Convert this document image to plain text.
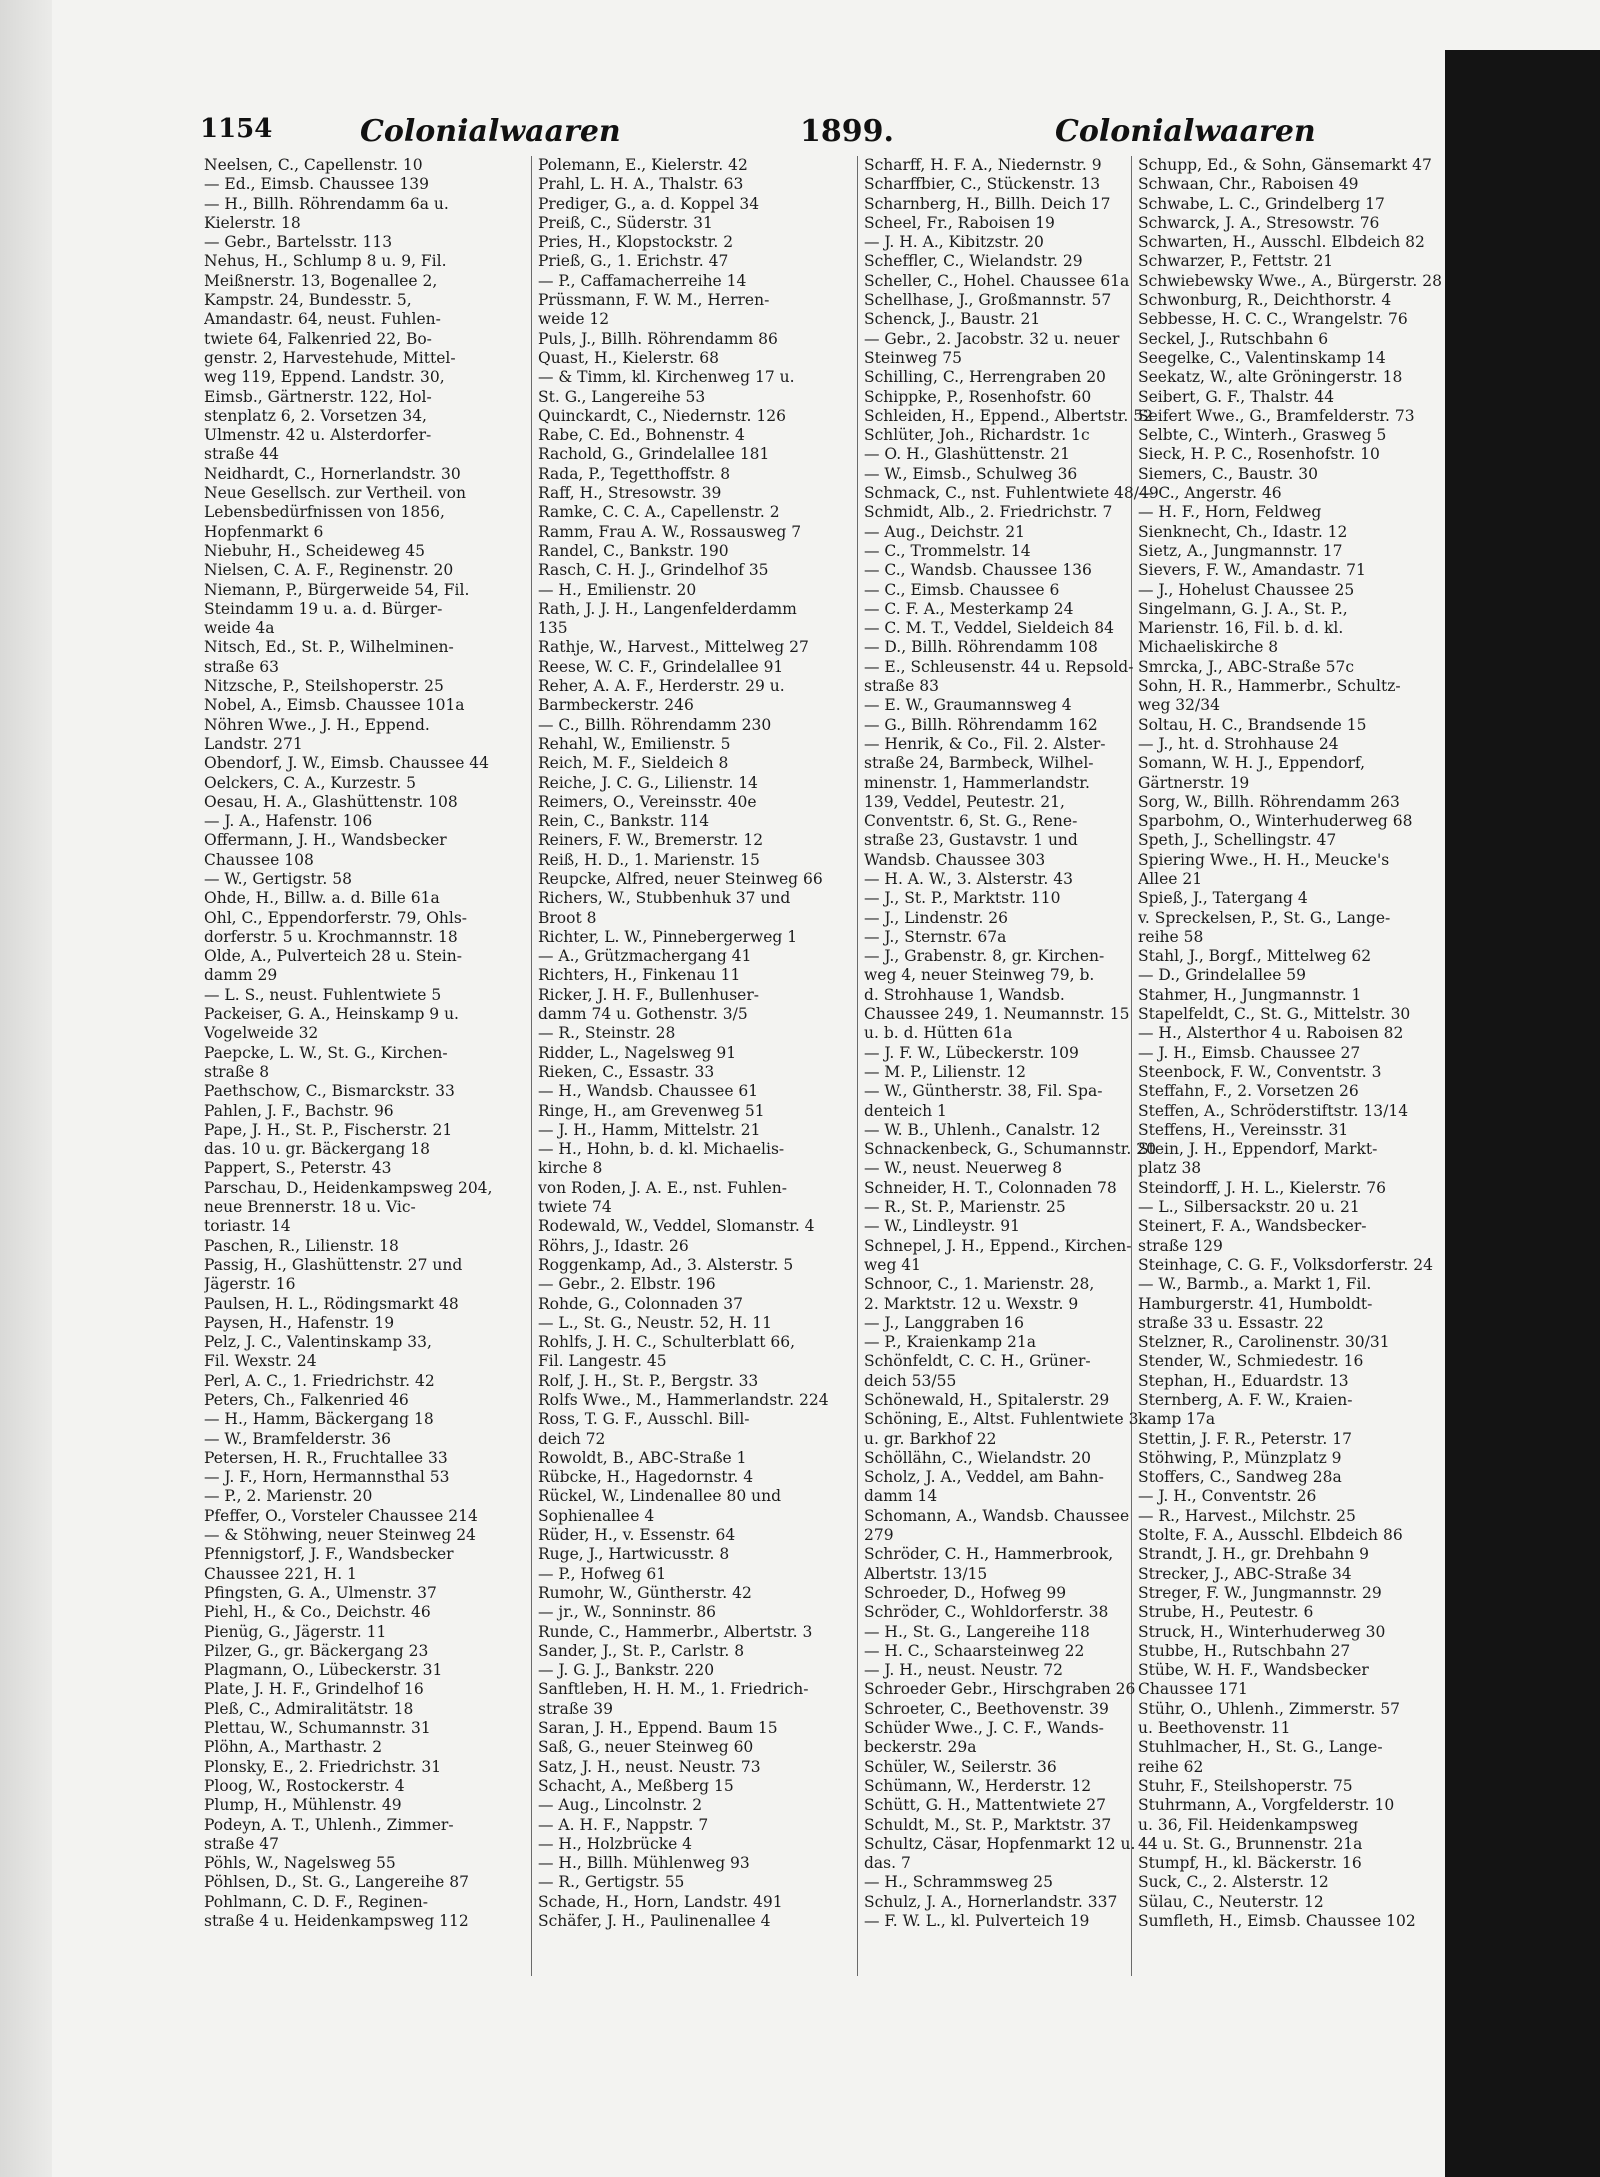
1154	Colonialwaaren	1899.	Colonialwaaren
Neelsen, C., Capellenstr. 10
— Ed., Eimsb. Chaussee 139
— H., Billh. Röhrendamm 6a u.
Kielerstr. 18
— Gebr., Bartelsstr. 113
Nehus, H., Schlump 8 u. 9, Fil.
Meißnerstr. 13, Bogenallee 2,
Kampstr. 24, Bundesstr. 5,
Amandastr. 64, neust. Fuhlen-
twiete 64, Falkenried 22, Bo-
genstr. 2, Harvestehude, Mittel-
weg 119, Eppend. Landstr. 30,
Eimsb., Gärtnerstr. 122, Hol-
stenplatz 6, 2. Vorsetzen 34,
Ulmenstr. 42 u. Alsterdorfer-
straße 44
Neidhardt, C., Hornerlandstr. 30
Neue Gesellsch. zur Vertheil. von
Lebensbedürfnissen von 1856,
Hopfenmarkt 6
Niebuhr, H., Scheideweg 45
Nielsen, C. A. F., Reginenstr. 20
Niemann, P., Bürgerweide 54, Fil.
Steindamm 19 u. a. d. Bürger-
weide 4a
Nitsch, Ed., St. P., Wilhelminen-
straße 63
Nitzsche, P., Steilshoperstr. 25
Nobel, A., Eimsb. Chaussee 101a
Nöhren Wwe., J. H., Eppend.
Landstr. 271
Obendorf, J. W., Eimsb. Chaussee 44
Oelckers, C. A., Kurzestr. 5
Oesau, H. A., Glashüttenstr. 108
— J. A., Hafenstr. 106
Offermann, J. H., Wandsbecker
Chaussee 108
— W., Gertigstr. 58
Ohde, H., Billw. a. d. Bille 61a
Ohl, C., Eppendorferstr. 79, Ohls-
dorferstr. 5 u. Krochmannstr. 18
Olde, A., Pulverteich 28 u. Stein-
damm 29
— L. S., neust. Fuhlentwiete 5
Packeiser, G. A., Heinskamp 9 u.
Vogelweide 32
Paepcke, L. W., St. G., Kirchen-
straße 8
Paethschow, C., Bismarckstr. 33
Pahlen, J. F., Bachstr. 96
Pape, J. H., St. P., Fischerstr. 21
das. 10 u. gr. Bäckergang 18
Pappert, S., Peterstr. 43
Parschau, D., Heidenkampsweg 204,
neue Brennerstr. 18 u. Vic-
toriastr. 14
Paschen, R., Lilienstr. 18
Passig, H., Glashüttenstr. 27 und
Jägerstr. 16
Paulsen, H. L., Rödingsmarkt 48
Paysen, H., Hafenstr. 19
Pelz, J. C., Valentinskamp 33,
Fil. Wexstr. 24
Perl, A. C., 1. Friedrichstr. 42
Peters, Ch., Falkenried 46
— H., Hamm, Bäckergang 18
— W., Bramfelderstr. 36
Petersen, H. R., Fruchtallee 33
— J. F., Horn, Hermannsthal 53
— P., 2. Marienstr. 20
Pfeffer, O., Vorsteler Chaussee 214
— & Stöhwing, neuer Steinweg 24
Pfennigstorf, J. F., Wandsbecker
Chaussee 221, H. 1
Pfingsten, G. A., Ulmenstr. 37
Piehl, H., & Co., Deichstr. 46
Pienüg, G., Jägerstr. 11
Pilzer, G., gr. Bäckergang 23
Plagmann, O., Lübeckerstr. 31
Plate, J. H. F., Grindelhof 16
Pleß, C., Admiralitätstr. 18
Plettau, W., Schumannstr. 31
Plöhn, A., Marthastr. 2
Plonsky, E., 2. Friedrichstr. 31
Ploog, W., Rostockerstr. 4
Plump, H., Mühlenstr. 49
Podeyn, A. T., Uhlenh., Zimmer-
straße 47
Pöhls, W., Nagelsweg 55
Pöhlsen, D., St. G., Langereihe 87
Pohlmann, C. D. F., Reginen-
straße 4 u. Heidenkampsweg 112
Polemann, E., Kielerstr. 42
Prahl, L. H. A., Thalstr. 63
Prediger, G., a. d. Koppel 34
Preiß, C., Süderstr. 31
Pries, H., Klopstockstr. 2
Prieß, G., 1. Erichstr. 47
— P., Caffamacherreihe 14
Prüssmann, F. W. M., Herren-
weide 12
Puls, J., Billh. Röhrendamm 86
Quast, H., Kielerstr. 68
— & Timm, kl. Kirchenweg 17 u.
St. G., Langereihe 53
Quinckardt, C., Niedernstr. 126
Rabe, C. Ed., Bohnenstr. 4
Rachold, G., Grindelallee 181
Rada, P., Tegetthoffstr. 8
Raff, H., Stresowstr. 39
Ramke, C. C. A., Capellenstr. 2
Ramm, Frau A. W., Rossausweg 7
Randel, C., Bankstr. 190
Rasch, C. H. J., Grindelhof 35
— H., Emilienstr. 20
Rath, J. J. H., Langenfelderdamm
135
Rathje, W., Harvest., Mittelweg 27
Reese, W. C. F., Grindelallee 91
Reher, A. A. F., Herderstr. 29 u.
Barmbeckerstr. 246
— C., Billh. Röhrendamm 230
Rehahl, W., Emilienstr. 5
Reich, M. F., Sieldeich 8
Reiche, J. C. G., Lilienstr. 14
Reimers, O., Vereinsstr. 40e
Rein, C., Bankstr. 114
Reiners, F. W., Bremerstr. 12
Reiß, H. D., 1. Marienstr. 15
Reupcke, Alfred, neuer Steinweg 66
Richers, W., Stubbenhuk 37 und
Broot 8
Richter, L. W., Pinnebergerweg 1
— A., Grützmachergang 41
Richters, H., Finkenau 11
Ricker, J. H. F., Bullenhuser-
damm 74 u. Gothenstr. 3/5
— R., Steinstr. 28
Ridder, L., Nagelsweg 91
Rieken, C., Essastr. 33
— H., Wandsb. Chaussee 61
Ringe, H., am Grevenweg 51
— J. H., Hamm, Mittelstr. 21
— H., Hohn, b. d. kl. Michaelis-
kirche 8
von Roden, J. A. E., nst. Fuhlen-
twiete 74
Rodewald, W., Veddel, Slomanstr. 4
Röhrs, J., Idastr. 26
Roggenkamp, Ad., 3. Alsterstr. 5
— Gebr., 2. Elbstr. 196
Rohde, G., Colonnaden 37
— L., St. G., Neustr. 52, H. 11
Rohlfs, J. H. C., Schulterblatt 66,
Fil. Langestr. 45
Rolf, J. H., St. P., Bergstr. 33
Rolfs Wwe., M., Hammerlandstr. 224
Ross, T. G. F., Ausschl. Bill-
deich 72
Rowoldt, B., ABC-Straße 1
Rübcke, H., Hagedornstr. 4
Rückel, W., Lindenallee 80 und
Sophienallee 4
Rüder, H., v. Essenstr. 64
Ruge, J., Hartwicusstr. 8
— P., Hofweg 61
Rumohr, W., Güntherstr. 42
— jr., W., Sonninstr. 86
Runde, C., Hammerbr., Albertstr. 3
Sander, J., St. P., Carlstr. 8
— J. G. J., Bankstr. 220
Sanftleben, H. H. M., 1. Friedrich-
straße 39
Saran, J. H., Eppend. Baum 15
Saß, G., neuer Steinweg 60
Satz, J. H., neust. Neustr. 73
Schacht, A., Meßberg 15
— Aug., Lincolnstr. 2
— A. H. F., Nappstr. 7
— H., Holzbrücke 4
— H., Billh. Mühlenweg 93
— R., Gertigstr. 55
Schade, H., Horn, Landstr. 491
Schäfer, J. H., Paulinenallee 4
Scharff, H. F. A., Niedernstr. 9
Scharffbier, C., Stückenstr. 13
Scharnberg, H., Billh. Deich 17
Scheel, Fr., Raboisen 19
— J. H. A., Kibitzstr. 20
Scheffler, C., Wielandstr. 29
Scheller, C., Hohel. Chaussee 61a
Schellhase, J., Großmannstr. 57
Schenck, J., Baustr. 21
— Gebr., 2. Jacobstr. 32 u. neuer
Steinweg 75
Schilling, C., Herrengraben 20
Schippke, P., Rosenhofstr. 60
Schleiden, H., Eppend., Albertstr. 52
Schlüter, Joh., Richardstr. 1c
— O. H., Glashüttenstr. 21
— W., Eimsb., Schulweg 36
Schmack, C., nst. Fuhlentwiete 48/49
Schmidt, Alb., 2. Friedrichstr. 7
— Aug., Deichstr. 21
— C., Trommelstr. 14
— C., Wandsb. Chaussee 136
— C., Eimsb. Chaussee 6
— C. F. A., Mesterkamp 24
— C. M. T., Veddel, Sieldeich 84
— D., Billh. Röhrendamm 108
— E., Schleusenstr. 44 u. Repsold-
straße 83
— E. W., Graumannsweg 4
— G., Billh. Röhrendamm 162
— Henrik, & Co., Fil. 2. Alster-
straße 24, Barmbeck, Wilhel-
minenstr. 1, Hammerlandstr.
139, Veddel, Peutestr. 21,
Conventstr. 6, St. G., Rene-
straße 23, Gustavstr. 1 und
Wandsb. Chaussee 303
— H. A. W., 3. Alsterstr. 43
— J., St. P., Marktstr. 110
— J., Lindenstr. 26
— J., Sternstr. 67a
— J., Grabenstr. 8, gr. Kirchen-
weg 4, neuer Steinweg 79, b.
d. Strohhause 1, Wandsb.
Chaussee 249, 1. Neumannstr. 15
u. b. d. Hütten 61a
— J. F. W., Lübeckerstr. 109
— M. P., Lilienstr. 12
— W., Güntherstr. 38, Fil. Spa-
denteich 1
— W. B., Uhlenh., Canalstr. 12
Schnackenbeck, G., Schumannstr. 20
— W., neust. Neuerweg 8
Schneider, H. T., Colonnaden 78
— R., St. P., Marienstr. 25
— W., Lindleystr. 91
Schnepel, J. H., Eppend., Kirchen-
weg 41
Schnoor, C., 1. Marienstr. 28,
2. Marktstr. 12 u. Wexstr. 9
— J., Langgraben 16
— P., Kraienkamp 21a
Schönfeldt, C. C. H., Grüner-
deich 53/55
Schönewald, H., Spitalerstr. 29
Schöning, E., Altst. Fuhlentwiete 3
u. gr. Barkhof 22
Schöllähn, C., Wielandstr. 20
Scholz, J. A., Veddel, am Bahn-
damm 14
Schomann, A., Wandsb. Chaussee
279
Schröder, C. H., Hammerbrook,
Albertstr. 13/15
Schroeder, D., Hofweg 99
Schröder, C., Wohldorferstr. 38
— H., St. G., Langereihe 118
— H. C., Schaarsteinweg 22
— J. H., neust. Neustr. 72
Schroeder Gebr., Hirschgraben 26
Schroeter, C., Beethovenstr. 39
Schüder Wwe., J. C. F., Wands-
beckerstr. 29a
Schüler, W., Seilerstr. 36
Schümann, W., Herderstr. 12
Schütt, G. H., Mattentwiete 27
Schuldt, M., St. P., Marktstr. 37
Schultz, Cäsar, Hopfenmarkt 12 u.
das. 7
— H., Schrammsweg 25
Schulz, J. A., Hornerlandstr. 337
— F. W. L., kl. Pulverteich 19
Schupp, Ed., & Sohn, Gänsemarkt 47
Schwaan, Chr., Raboisen 49
Schwabe, L. C., Grindelberg 17
Schwarck, J. A., Stresowstr. 76
Schwarten, H., Ausschl. Elbdeich 82
Schwarzer, P., Fettstr. 21
Schwiebewsky Wwe., A., Bürgerstr. 28
Schwonburg, R., Deichthorstr. 4
Sebbesse, H. C. C., Wrangelstr. 76
Seckel, J., Rutschbahn 6
Seegelke, C., Valentinskamp 14
Seekatz, W., alte Gröningerstr. 18
Seibert, G. F., Thalstr. 44
Seifert Wwe., G., Bramfelderstr. 73
Selbte, C., Winterh., Grasweg 5
Sieck, H. P. C., Rosenhofstr. 10
Siemers, C., Baustr. 30
— C., Angerstr. 46
— H. F., Horn, Feldweg
Sienknecht, Ch., Idastr. 12
Sietz, A., Jungmannstr. 17
Sievers, F. W., Amandastr. 71
— J., Hohelust Chaussee 25
Singelmann, G. J. A., St. P.,
Marienstr. 16, Fil. b. d. kl.
Michaeliskirche 8
Smrcka, J., ABC-Straße 57c
Sohn, H. R., Hammerbr., Schultz-
weg 32/34
Soltau, H. C., Brandsende 15
— J., ht. d. Strohhause 24
Somann, W. H. J., Eppendorf,
Gärtnerstr. 19
Sorg, W., Billh. Röhrendamm 263
Sparbohm, O., Winterhuderweg 68
Speth, J., Schellingstr. 47
Spiering Wwe., H. H., Meucke's
Allee 21
Spieß, J., Tatergang 4
v. Spreckelsen, P., St. G., Lange-
reihe 58
Stahl, J., Borgf., Mittelweg 62
— D., Grindelallee 59
Stahmer, H., Jungmannstr. 1
Stapelfeldt, C., St. G., Mittelstr. 30
— H., Alsterthor 4 u. Raboisen 82
— J. H., Eimsb. Chaussee 27
Steenbock, F. W., Conventstr. 3
Steffahn, F., 2. Vorsetzen 26
Steffen, A., Schröderstiftstr. 13/14
Steffens, H., Vereinsstr. 31
Stein, J. H., Eppendorf, Markt-
platz 38
Steindorff, J. H. L., Kielerstr. 76
— L., Silbersackstr. 20 u. 21
Steinert, F. A., Wandsbecker-
straße 129
Steinhage, C. G. F., Volksdorferstr. 24
— W., Barmb., a. Markt 1, Fil.
Hamburgerstr. 41, Humboldt-
straße 33 u. Essastr. 22
Stelzner, R., Carolinenstr. 30/31
Stender, W., Schmiedestr. 16
Stephan, H., Eduardstr. 13
Sternberg, A. F. W., Kraien-
kamp 17a
Stettin, J. F. R., Peterstr. 17
Stöhwing, P., Münzplatz 9
Stoffers, C., Sandweg 28a
— J. H., Conventstr. 26
— R., Harvest., Milchstr. 25
Stolte, F. A., Ausschl. Elbdeich 86
Strandt, J. H., gr. Drehbahn 9
Strecker, J., ABC-Straße 34
Streger, F. W., Jungmannstr. 29
Strube, H., Peutestr. 6
Struck, H., Winterhuderweg 30
Stubbe, H., Rutschbahn 27
Stübe, W. H. F., Wandsbecker
Chaussee 171
Stühr, O., Uhlenh., Zimmerstr. 57
u. Beethovenstr. 11
Stuhlmacher, H., St. G., Lange-
reihe 62
Stuhr, F., Steilshoperstr. 75
Stuhrmann, A., Vorgfelderstr. 10
u. 36, Fil. Heidenkampsweg
44 u. St. G., Brunnenstr. 21a
Stumpf, H., kl. Bäckerstr. 16
Suck, C., 2. Alsterstr. 12
Sülau, C., Neuterstr. 12
Sumfleth, H., Eimsb. Chaussee 102
